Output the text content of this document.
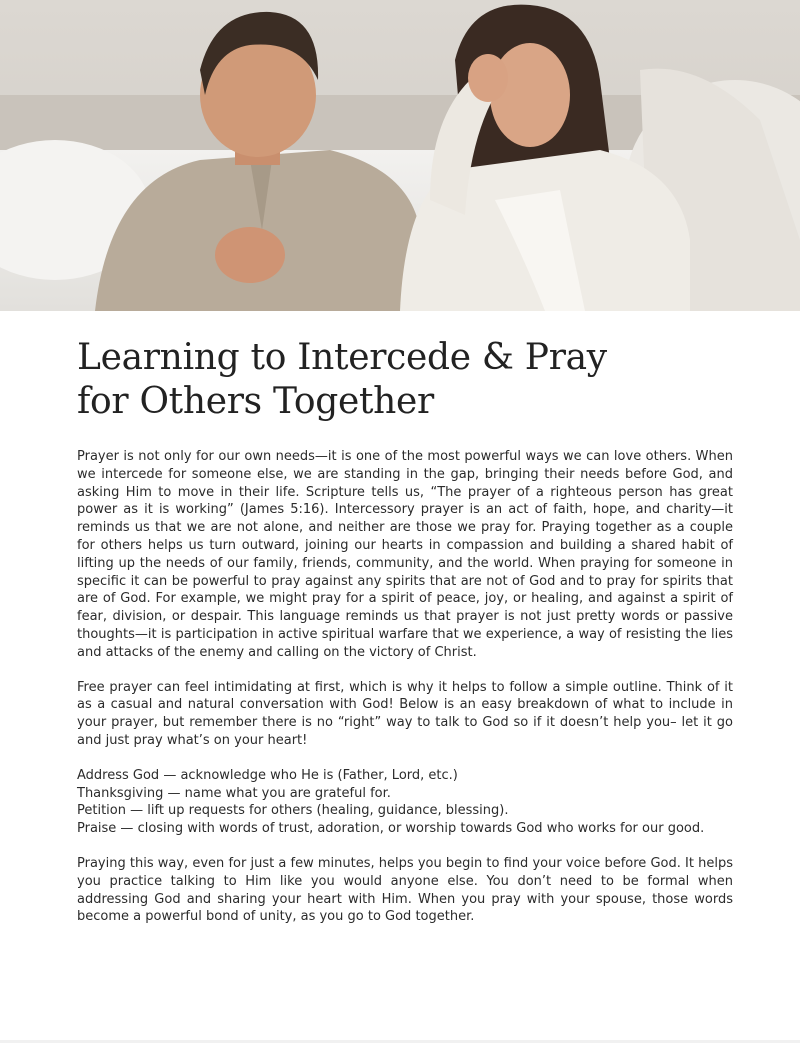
Learning to Intercede & Pray
for Others Together

Prayer is not only for our own needs—it is one of the most powerful ways we can love others. When we intercede for someone else, we are standing in the gap, bringing their needs before God, and asking Him to move in their life. Scripture tells us, “The prayer of a righteous person has great power as it is working” (James 5:16). Intercessory prayer is an act of faith, hope, and charity—it reminds us that we are not alone, and neither are those we pray for. Praying together as a couple for others helps us turn outward, joining our hearts in compassion and building a shared habit of lifting up the needs of our family, friends, community, and the world. When praying for someone in specific it can be powerful to pray against any spirits that are not of God and to pray for spirits that are of God. For example, we might pray for a spirit of peace, joy, or healing, and against a spirit of fear, division, or despair. This language reminds us that prayer is not just pretty words or passive thoughts—it is participation in active spiritual warfare that we experience, a way of resisting the lies and attacks of the enemy and calling on the victory of Christ.

Free prayer can feel intimidating at first, which is why it helps to follow a simple outline. Think of it as a casual and natural conversation with God! Below is an easy breakdown of what to include in your prayer, but remember there is no “right” way to talk to God so if it doesn’t help you– let it go and just pray what’s on your heart!

Address God — acknowledge who He is (Father, Lord, etc.)
Thanksgiving — name what you are grateful for.
Petition — lift up requests for others (healing, guidance, blessing).
Praise — closing with words of trust, adoration, or worship towards God who works for our good.

Praying this way, even for just a few minutes, helps you begin to find your voice before God. It helps you practice talking to Him like you would anyone else. You don’t need to be formal when addressing God and sharing your heart with Him. When you pray with your spouse, those words become a powerful bond of unity, as you go to God together.
